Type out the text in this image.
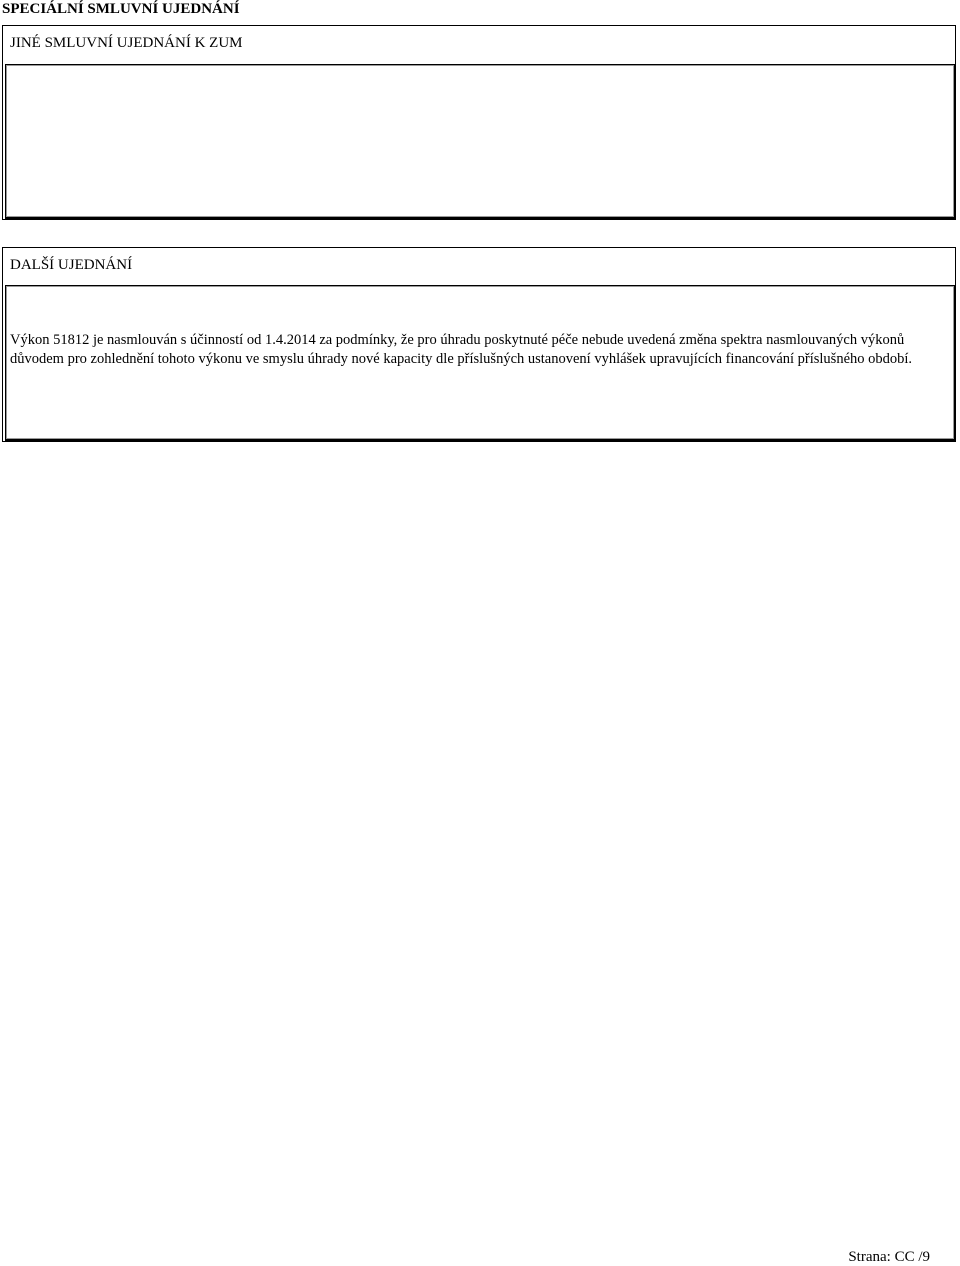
SPECIÁLNÍ SMLUVNÍ UJEDNÁNÍ
JINÉ SMLUVNÍ UJEDNÁNÍ K ZUM

DALŠÍ UJEDNÁNÍ

Výkon 51812 je nasmlouván s účinností od 1.4.2014 za podmínky, že pro úhradu poskytnuté péče nebude uvedená změna spektra nasmlouvaných výkonů důvodem pro zohlednění tohoto výkonu ve smyslu úhrady nové kapacity dle příslušných ustanovení vyhlášek upravujících financování příslušného období.

Strana: CC /9
